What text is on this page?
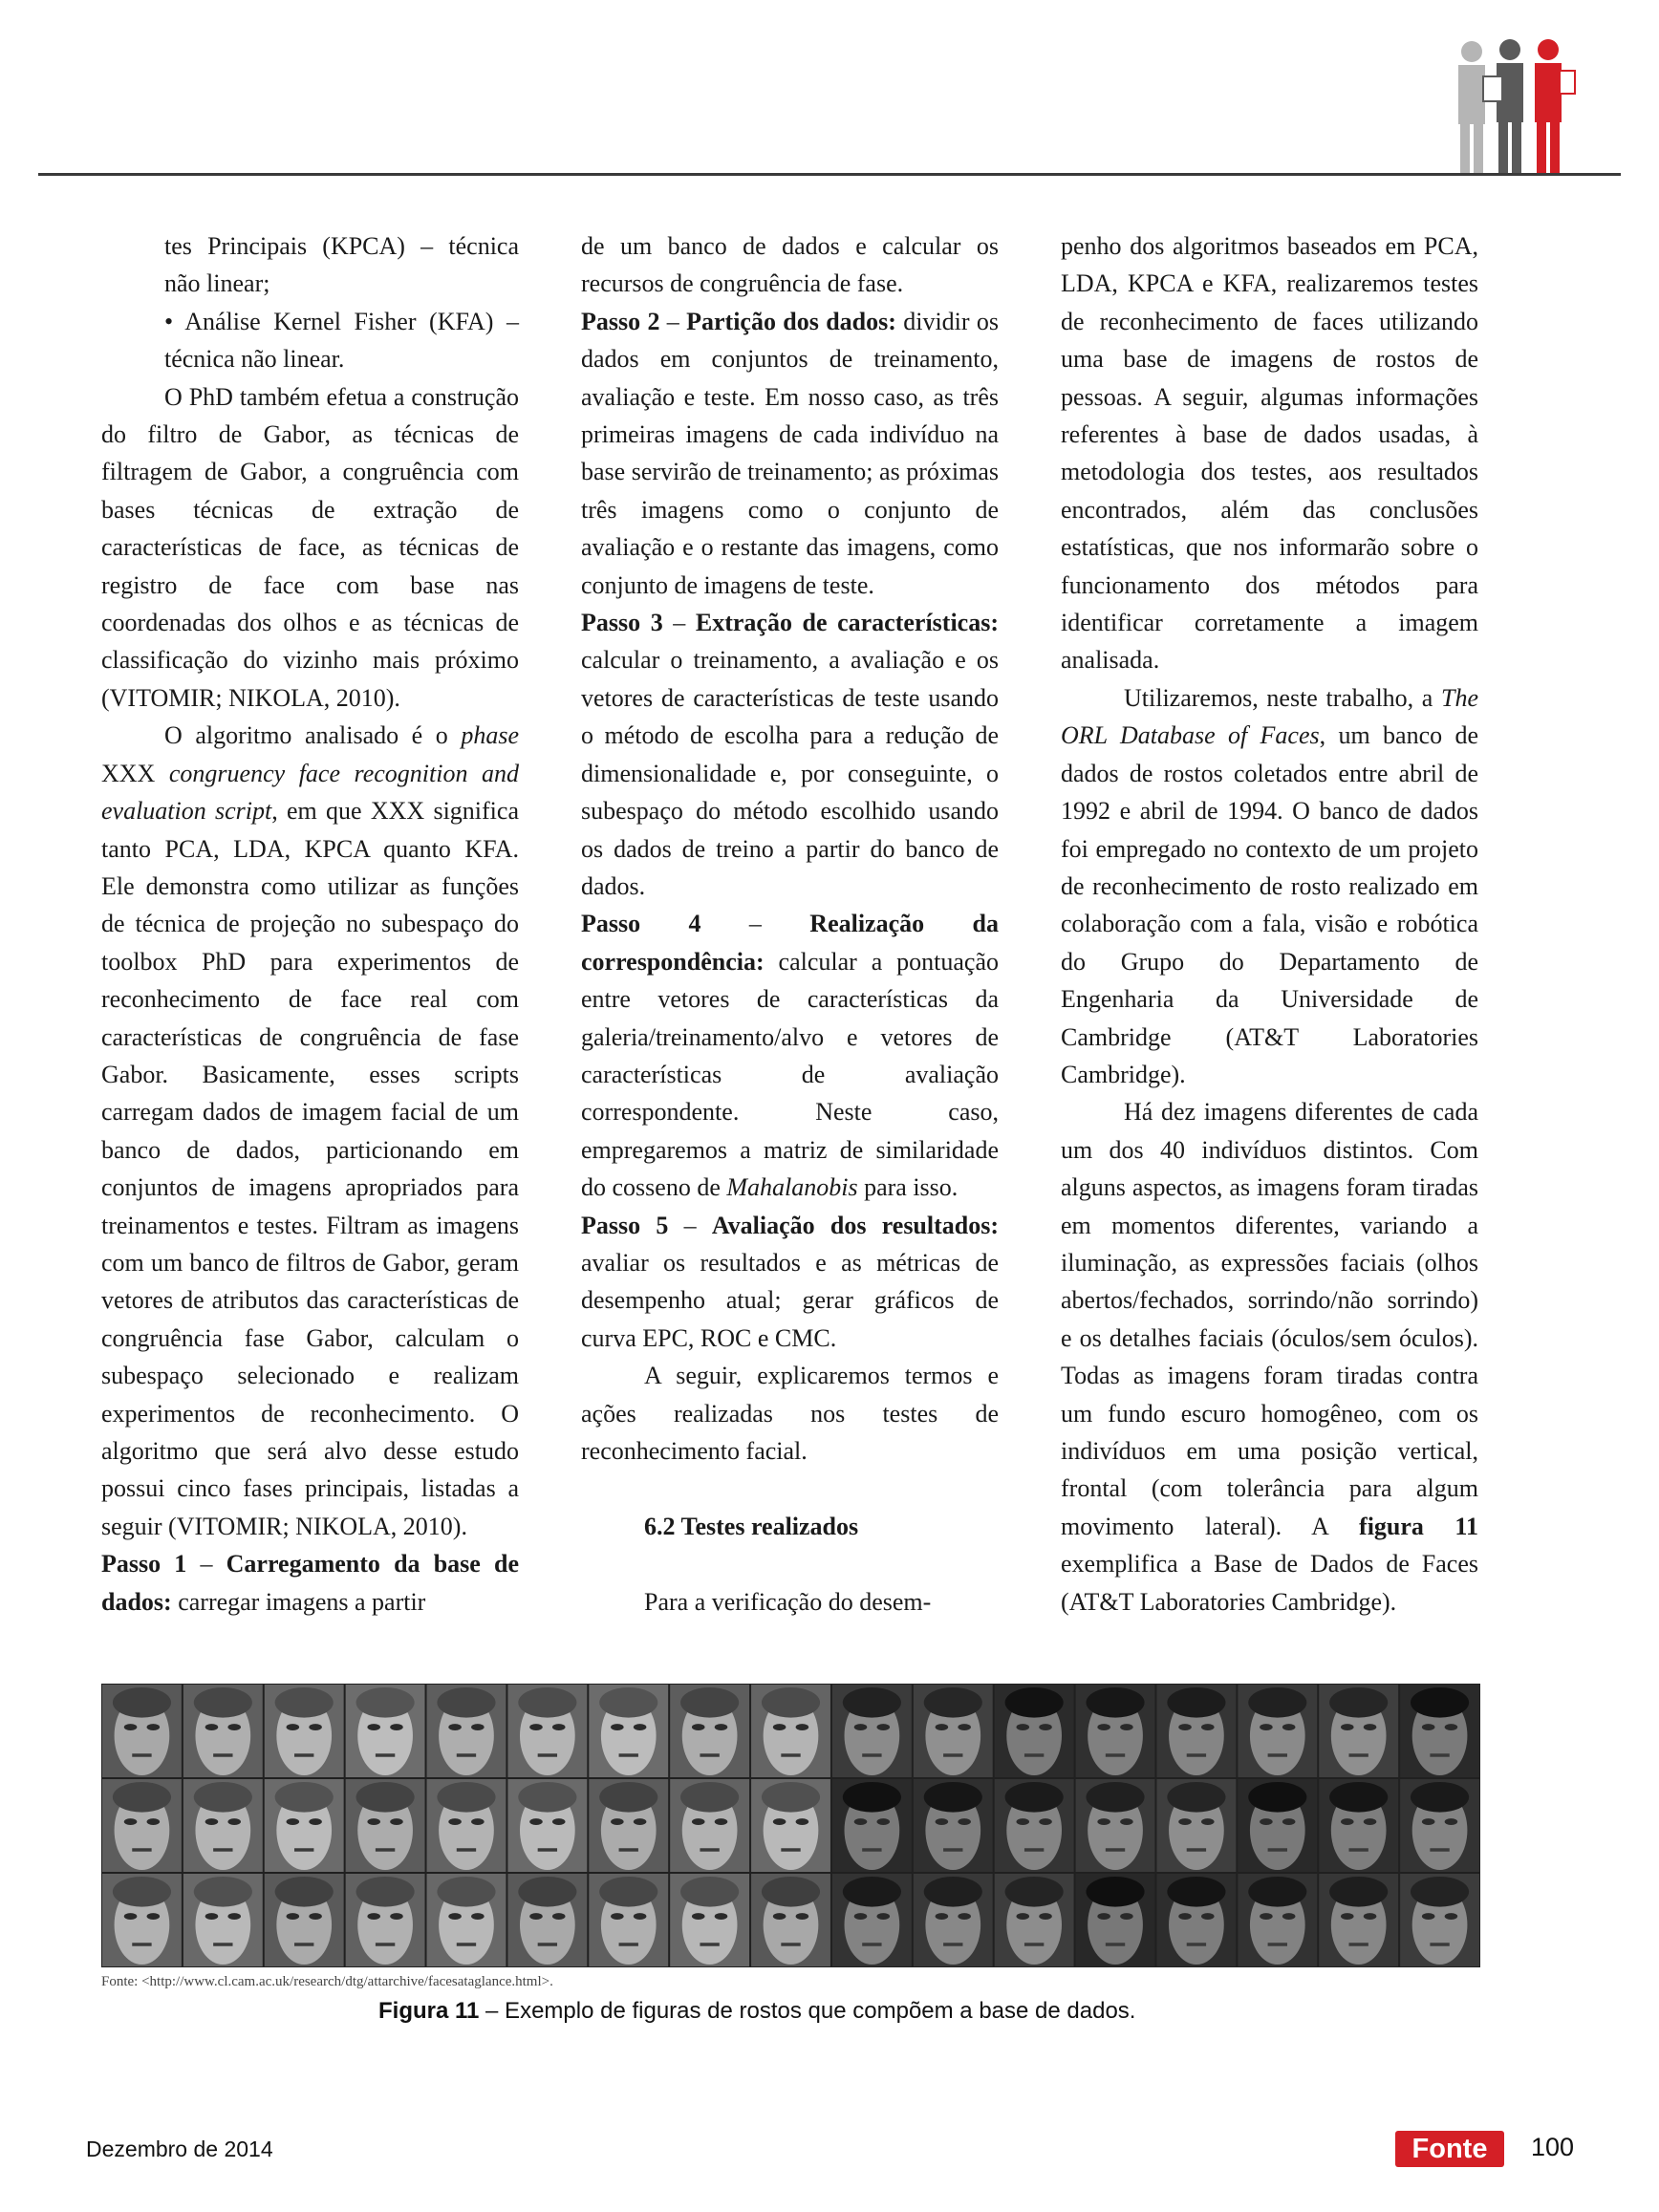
tes Principais (KPCA) – técnica não linear;

• Análise Kernel Fisher (KFA) – técnica não linear.

O PhD também efetua a construção do filtro de Gabor, as técnicas de filtragem de Gabor, a congruência com bases técnicas de extração de características de face, as técnicas de registro de face com base nas coordenadas dos olhos e as técnicas de classificação do vizinho mais próximo (VITOMIR; NIKOLA, 2010).

O algoritmo analisado é o phase XXX congruency face recognition and evaluation script, em que XXX significa tanto PCA, LDA, KPCA quanto KFA. Ele demonstra como utilizar as funções de técnica de projeção no subespaço do toolbox PhD para experimentos de reconhecimento de face real com características de congruência de fase Gabor. Basicamente, esses scripts carregam dados de imagem facial de um banco de dados, particionando em conjuntos de imagens apropriados para treinamentos e testes. Filtram as imagens com um banco de filtros de Gabor, geram vetores de atributos das características de congruência fase Gabor, calculam o subespaço selecionado e realizam experimentos de reconhecimento. O algoritmo que será alvo desse estudo possui cinco fases principais, listadas a seguir (VITOMIR; NIKOLA, 2010).

Passo 1 – Carregamento da base de dados: carregar imagens a partir

de um banco de dados e calcular os recursos de congruência de fase.

Passo 2 – Partição dos dados: dividir os dados em conjuntos de treinamento, avaliação e teste. Em nosso caso, as três primeiras imagens de cada indivíduo na base servirão de treinamento; as próximas três imagens como o conjunto de avaliação e o restante das imagens, como conjunto de imagens de teste.

Passo 3 – Extração de características: calcular o treinamento, a avaliação e os vetores de características de teste usando o método de escolha para a redução de dimensionalidade e, por conseguinte, o subespaço do método escolhido usando os dados de treino a partir do banco de dados.

Passo 4 – Realização da correspondência: calcular a pontuação entre vetores de características da galeria/treinamento/alvo e vetores de características de avaliação correspondente. Neste caso, empregaremos a matriz de similaridade do cosseno de Mahalanobis para isso.

Passo 5 – Avaliação dos resultados: avaliar os resultados e as métricas de desempenho atual; gerar gráficos de curva EPC, ROC e CMC.

A seguir, explicaremos termos e ações realizadas nos testes de reconhecimento facial.

6.2 Testes realizados

Para a verificação do desem-

penho dos algoritmos baseados em PCA, LDA, KPCA e KFA, realizaremos testes de reconhecimento de faces utilizando uma base de imagens de rostos de pessoas. A seguir, algumas informações referentes à base de dados usadas, à metodologia dos testes, aos resultados encontrados, além das conclusões estatísticas, que nos informarão sobre o funcionamento dos métodos para identificar corretamente a imagem analisada.

Utilizaremos, neste trabalho, a The ORL Database of Faces, um banco de dados de rostos coletados entre abril de 1992 e abril de 1994. O banco de dados foi empregado no contexto de um projeto de reconhecimento de rosto realizado em colaboração com a fala, visão e robótica do Grupo do Departamento de Engenharia da Universidade de Cambridge (AT&T Laboratories Cambridge).

Há dez imagens diferentes de cada um dos 40 indivíduos distintos. Com alguns aspectos, as imagens foram tiradas em momentos diferentes, variando a iluminação, as expressões faciais (olhos abertos/fechados, sorrindo/não sorrindo) e os detalhes faciais (óculos/sem óculos). Todas as imagens foram tiradas contra um fundo escuro homogêneo, com os indivíduos em uma posição vertical, frontal (com tolerância para algum movimento lateral). A figura 11 exemplifica a Base de Dados de Faces (AT&T Laboratories Cambridge).

Fonte: <http://www.cl.cam.ac.uk/research/dtg/attarchive/facesataglance.html>.
Figura 11 – Exemplo de figuras de rostos que compõem a base de dados.
Dezembro de 2014	Fonte	100
